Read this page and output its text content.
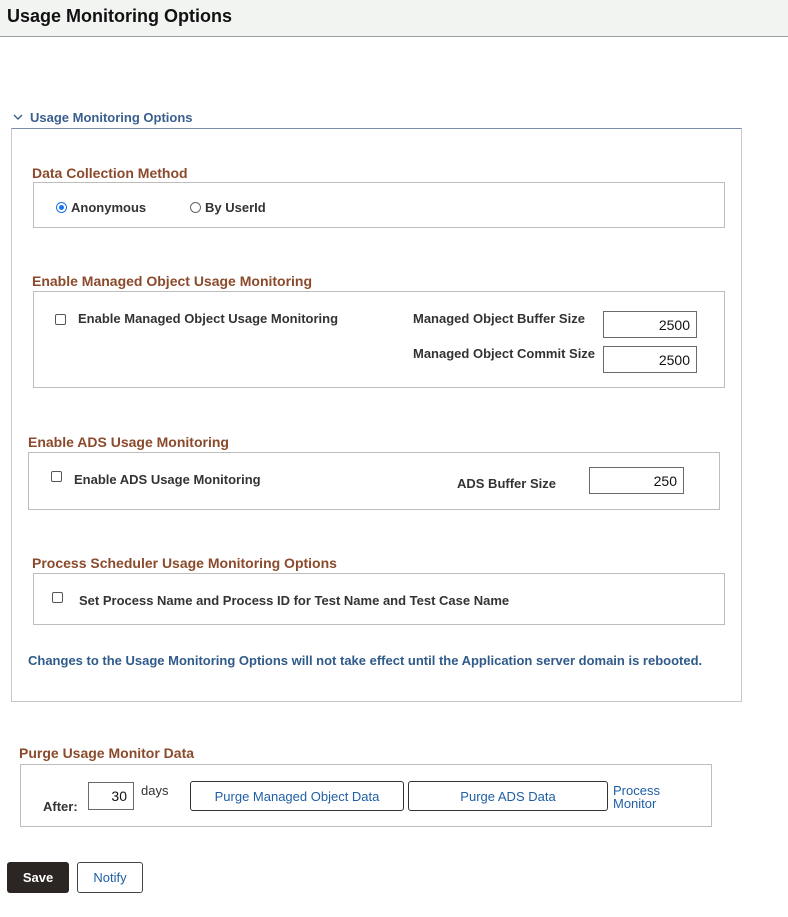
Usage Monitoring Options
Usage Monitoring Options
Data Collection Method
Anonymous	By UserId
Enable Managed Object Usage Monitoring
Enable Managed Object Usage Monitoring	Managed Object Buffer Size
2500
Managed Object Commit Size
2500
Enable ADS Usage Monitoring
Enable ADS Usage Monitoring	ADS Buffer Size
250
Process Scheduler Usage Monitoring Options
Set Process Name and Process ID for Test Name and Test Case Name
Changes to the Usage Monitoring Options will not take effect until the Application server domain is rebooted.
Purge Usage Monitor Data
After:
30
days	Purge Managed Object Data	Purge ADS Data	Process
Monitor
Save	Notify
